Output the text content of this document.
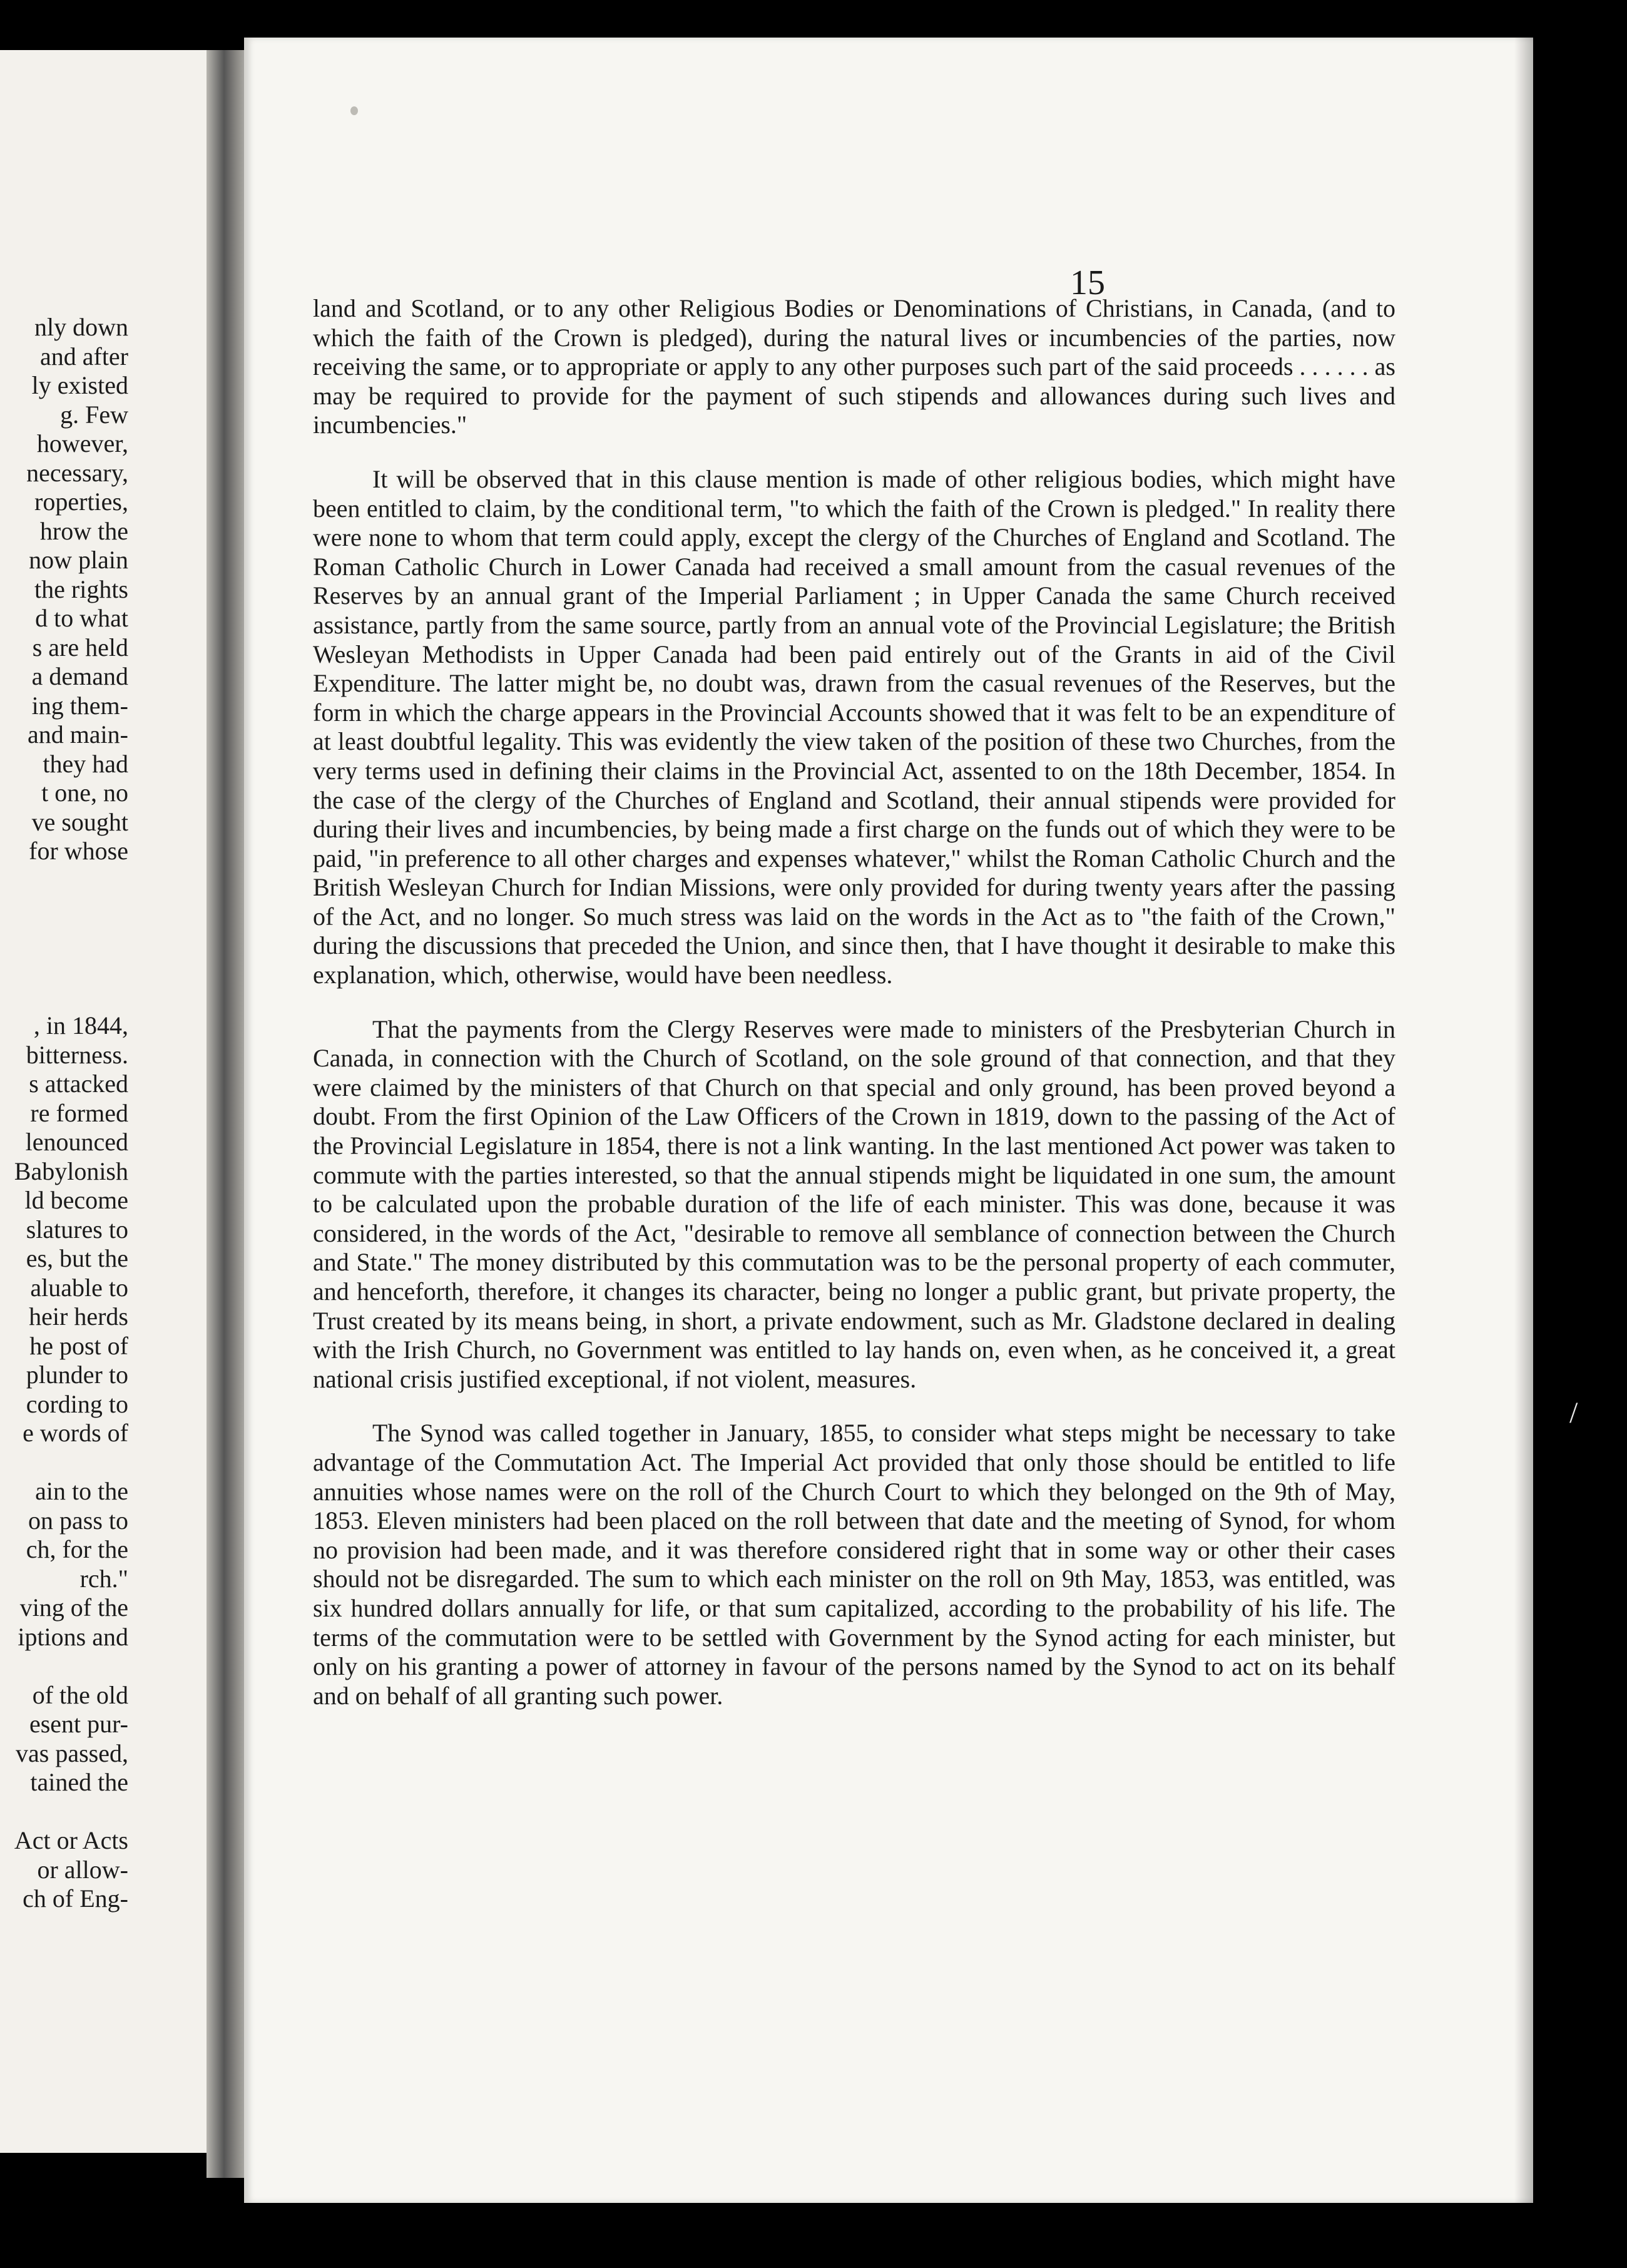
nly down
and after
ly existed
g. Few
however,
necessary,
roperties,
hrow the
now plain
the rights
d to what
s are held
a demand
ing them-
and main-
they had
t one, no
ve sought
for whose
, in 1844,
bitterness.
s attacked
re formed
lenounced
Babylonish
ld become
slatures to
es, but the
aluable to
heir herds
he post of
plunder to
cording to
e words of
ain to the
on pass to
ch, for the
rch."
ving of the
iptions and
of the old
esent pur-
vas passed,
tained the
Act or Acts
or allow-
ch of Eng-
15

land and Scotland, or to any other Religious Bodies or Denominations of Christians, in Canada, (and to which the faith of the Crown is pledged), during the natural lives or incumbencies of the parties, now receiving the same, or to appropriate or apply to any other purposes such part of the said proceeds . . . . . . as may be required to provide for the payment of such stipends and allowances during such lives and incumbencies."

It will be observed that in this clause mention is made of other religious bodies, which might have been entitled to claim, by the conditional term, "to which the faith of the Crown is pledged." In reality there were none to whom that term could apply, except the clergy of the Churches of England and Scotland. The Roman Catholic Church in Lower Canada had received a small amount from the casual revenues of the Reserves by an annual grant of the Imperial Parliament ; in Upper Canada the same Church received assistance, partly from the same source, partly from an annual vote of the Provincial Legislature; the British Wesleyan Methodists in Upper Canada had been paid entirely out of the Grants in aid of the Civil Expenditure. The latter might be, no doubt was, drawn from the casual revenues of the Reserves, but the form in which the charge appears in the Provincial Accounts showed that it was felt to be an expenditure of at least doubtful legality. This was evidently the view taken of the position of these two Churches, from the very terms used in defining their claims in the Provincial Act, assented to on the 18th December, 1854. In the case of the clergy of the Churches of England and Scotland, their annual stipends were provided for during their lives and incumbencies, by being made a first charge on the funds out of which they were to be paid, "in preference to all other charges and expenses whatever," whilst the Roman Catholic Church and the British Wesleyan Church for Indian Missions, were only provided for during twenty years after the passing of the Act, and no longer. So much stress was laid on the words in the Act as to "the faith of the Crown," during the discussions that preceded the Union, and since then, that I have thought it desirable to make this explanation, which, otherwise, would have been needless.

That the payments from the Clergy Reserves were made to ministers of the Presbyterian Church in Canada, in connection with the Church of Scotland, on the sole ground of that connection, and that they were claimed by the ministers of that Church on that special and only ground, has been proved beyond a doubt. From the first Opinion of the Law Officers of the Crown in 1819, down to the passing of the Act of the Provincial Legislature in 1854, there is not a link wanting. In the last mentioned Act power was taken to commute with the parties interested, so that the annual stipends might be liquidated in one sum, the amount to be calculated upon the probable duration of the life of each minister. This was done, because it was considered, in the words of the Act, "desirable to remove all semblance of connection between the Church and State." The money distributed by this commutation was to be the personal property of each commuter, and henceforth, therefore, it changes its character, being no longer a public grant, but private property, the Trust created by its means being, in short, a private endowment, such as Mr. Gladstone declared in dealing with the Irish Church, no Government was entitled to lay hands on, even when, as he conceived it, a great national crisis justified exceptional, if not violent, measures.

The Synod was called together in January, 1855, to consider what steps might be necessary to take advantage of the Commutation Act. The Imperial Act provided that only those should be entitled to life annuities whose names were on the roll of the Church Court to which they belonged on the 9th of May, 1853. Eleven ministers had been placed on the roll between that date and the meeting of Synod, for whom no provision had been made, and it was therefore considered right that in some way or other their cases should not be disregarded. The sum to which each minister on the roll on 9th May, 1853, was entitled, was six hundred dollars annually for life, or that sum capitalized, according to the probability of his life. The terms of the commutation were to be settled with Government by the Synod acting for each minister, but only on his granting a power of attorney in favour of the persons named by the Synod to act on its behalf and on behalf of all granting such power.

/
